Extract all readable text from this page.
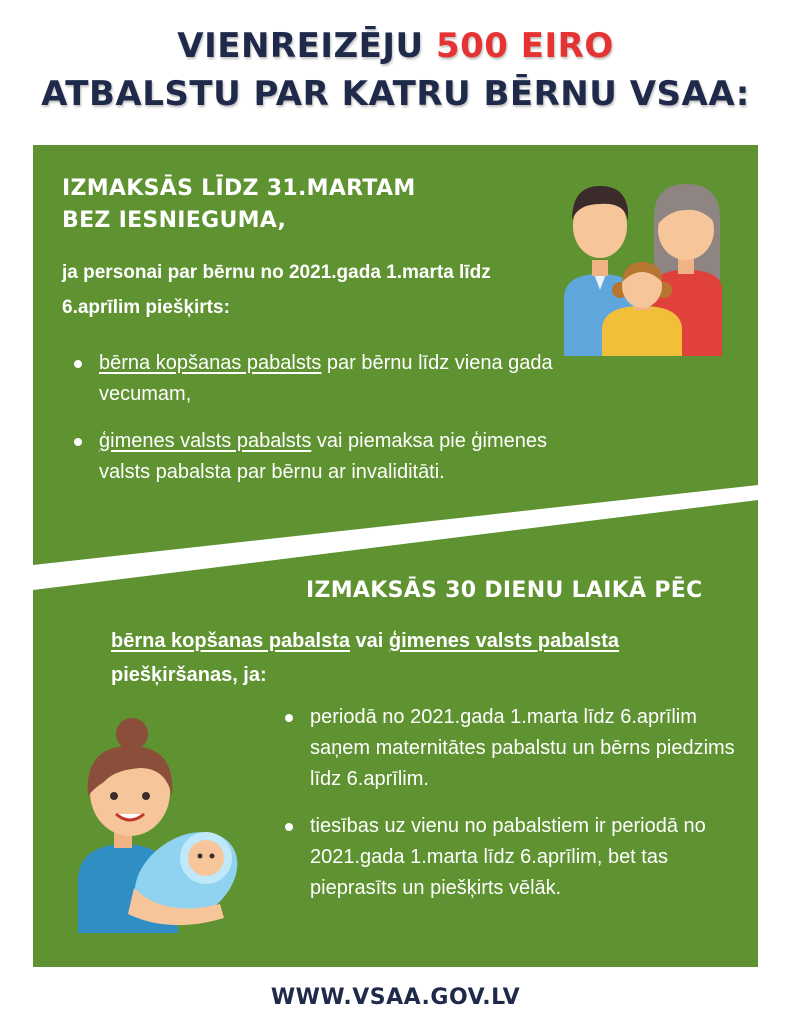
VIENREIZĒJU 500 EIRO
ATBALSTU PAR KATRU BĒRNU VSAA:
IZMAKSĀS LĪDZ 31.MARTAM
BEZ IESNIEGUMA,
ja personai par bērnu no 2021.gada 1.marta līdz 6.aprīlim piešķirts:
bērna kopšanas pabalsts par bērnu līdz viena gada vecumam,
ģimenes valsts pabalsts vai piemaksa pie ģimenes valsts pabalsta par bērnu ar invaliditāti.
IZMAKSĀS 30 DIENU LAIKĀ PĒC
bērna kopšanas pabalsta vai ģimenes valsts pabalsta
piešķiršanas, ja:
periodā no 2021.gada 1.marta līdz 6.aprīlim saņem maternitātes pabalstu un bērns piedzims līdz 6.aprīlim.
tiesības uz vienu no pabalstiem ir periodā no 2021.gada 1.marta līdz 6.aprīlim, bet tas pieprasīts un piešķirts vēlāk.
WWW.VSAA.GOV.LV
